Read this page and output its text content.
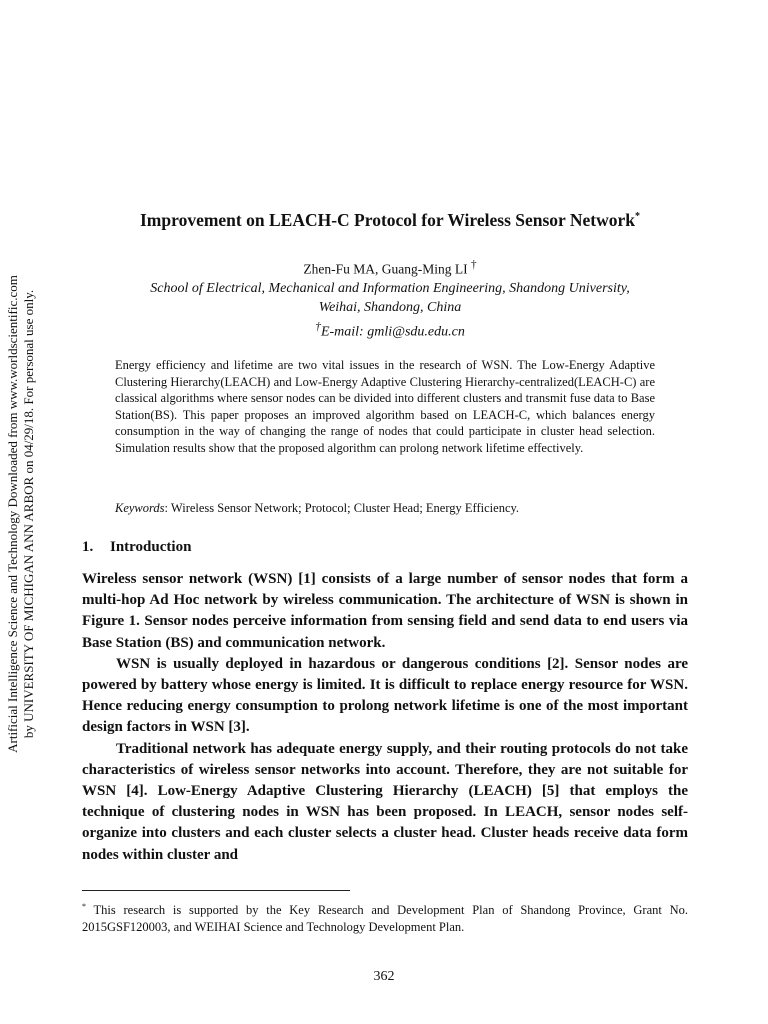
Artificial Intelligence Science and Technology Downloaded from www.worldscientific.com by UNIVERSITY OF MICHIGAN ANN ARBOR on 04/29/18. For personal use only.
Improvement on LEACH-C Protocol for Wireless Sensor Network*
Zhen-Fu MA, Guang-Ming LI †
School of Electrical, Mechanical and Information Engineering, Shandong University,
Weihai, Shandong, China
†E-mail: gmli@sdu.edu.cn

Energy efficiency and lifetime are two vital issues in the research of WSN. The Low-Energy Adaptive Clustering Hierarchy(LEACH) and Low-Energy Adaptive Clustering Hierarchy-centralized(LEACH-C) are classical algorithms where sensor nodes can be divided into different clusters and transmit fuse data to Base Station(BS). This paper proposes an improved algorithm based on LEACH-C, which balances energy consumption in the way of changing the range of nodes that could participate in cluster head selection. Simulation results show that the proposed algorithm can prolong network lifetime effectively.

Keywords: Wireless Sensor Network; Protocol; Cluster Head; Energy Efficiency.

1. Introduction

Wireless sensor network (WSN) [1] consists of a large number of sensor nodes that form a multi-hop Ad Hoc network by wireless communication. The architecture of WSN is shown in Figure 1. Sensor nodes perceive information from sensing field and send data to end users via Base Station (BS) and communication network.

WSN is usually deployed in hazardous or dangerous conditions [2]. Sensor nodes are powered by battery whose energy is limited. It is difficult to replace energy resource for WSN. Hence reducing energy consumption to prolong network lifetime is one of the most important design factors in WSN [3].

Traditional network has adequate energy supply, and their routing protocols do not take characteristics of wireless sensor networks into account. Therefore, they are not suitable for WSN [4]. Low-Energy Adaptive Clustering Hierarchy (LEACH) [5] that employs the technique of clustering nodes in WSN has been proposed. In LEACH, sensor nodes self-organize into clusters and each cluster selects a cluster head. Cluster heads receive data form nodes within cluster and

* This research is supported by the Key Research and Development Plan of Shandong Province, Grant No. 2015GSF120003, and WEIHAI Science and Technology Development Plan.

362
